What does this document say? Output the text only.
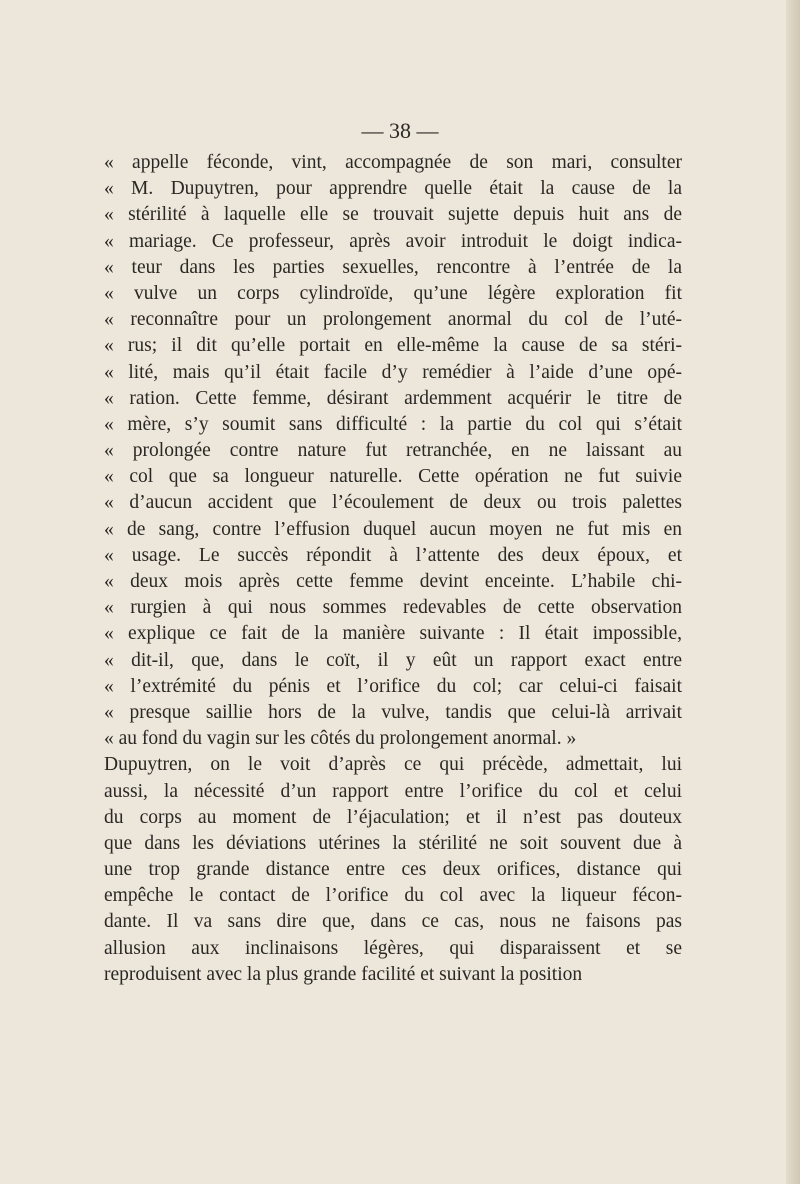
— 38 —
« appelle féconde, vint, accompagnée de son mari, consulter
« M. Dupuytren, pour apprendre quelle était la cause de la
« stérilité à laquelle elle se trouvait sujette depuis huit ans de
« mariage. Ce professeur, après avoir introduit le doigt indica-
« teur dans les parties sexuelles, rencontre à l’entrée de la
« vulve un corps cylindroïde, qu’une légère exploration fit
« reconnaître pour un prolongement anormal du col de l’uté-
« rus; il dit qu’elle portait en elle-même la cause de sa stéri-
« lité, mais qu’il était facile d’y remédier à l’aide d’une opé-
« ration. Cette femme, désirant ardemment acquérir le titre de
« mère, s’y soumit sans difficulté : la partie du col qui s’était
« prolongée contre nature fut retranchée, en ne laissant au
« col que sa longueur naturelle. Cette opération ne fut suivie
« d’aucun accident que l’écoulement de deux ou trois palettes
« de sang, contre l’effusion duquel aucun moyen ne fut mis en
« usage. Le succès répondit à l’attente des deux époux, et
« deux mois après cette femme devint enceinte. L’habile chi-
« rurgien à qui nous sommes redevables de cette observation
« explique ce fait de la manière suivante : Il était impossible,
« dit-il, que, dans le coït, il y eût un rapport exact entre
« l’extrémité du pénis et l’orifice du col; car celui-ci faisait
« presque saillie hors de la vulve, tandis que celui-là arrivait
« au fond du vagin sur les côtés du prolongement anormal. »
Dupuytren, on le voit d’après ce qui précède, admettait, lui
aussi, la nécessité d’un rapport entre l’orifice du col et celui
du corps au moment de l’éjaculation; et il n’est pas douteux
que dans les déviations utérines la stérilité ne soit souvent due à
une trop grande distance entre ces deux orifices, distance qui
empêche le contact de l’orifice du col avec la liqueur fécon-
dante. Il va sans dire que, dans ce cas, nous ne faisons pas
allusion aux inclinaisons légères, qui disparaissent et se
reproduisent avec la plus grande facilité et suivant la position
